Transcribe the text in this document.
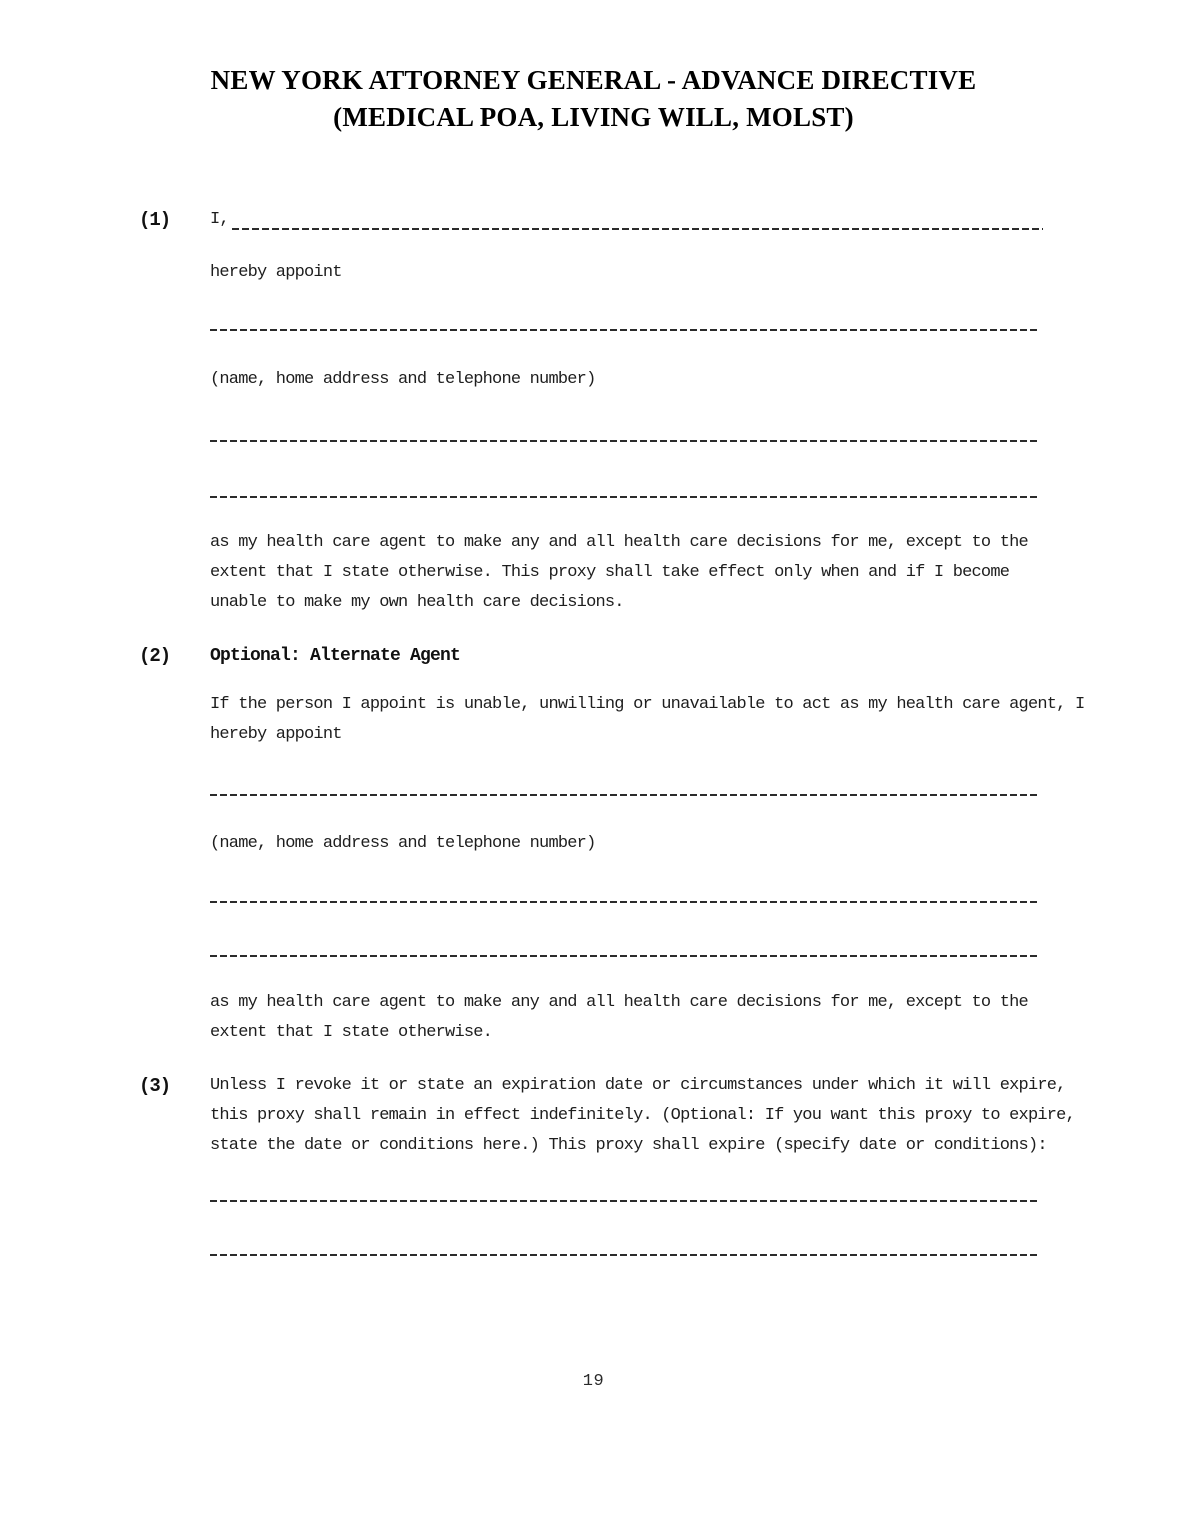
NEW YORK ATTORNEY GENERAL - ADVANCE DIRECTIVE
(MEDICAL POA, LIVING WILL, MOLST)
(1) I,
hereby appoint
(name, home address and telephone number)
as my health care agent to make any and all health care decisions for me, except to the
extent that I state otherwise. This proxy shall take effect only when and if I become
unable to make my own health care decisions.
(2) Optional: Alternate Agent
If the person I appoint is unable, unwilling or unavailable to act as my health care agent, I
hereby appoint
(name, home address and telephone number)
as my health care agent to make any and all health care decisions for me, except to the
extent that I state otherwise.
(3) Unless I revoke it or state an expiration date or circumstances under which it will expire,
this proxy shall remain in effect indefinitely. (Optional: If you want this proxy to expire,
state the date or conditions here.) This proxy shall expire (specify date or conditions):
19
